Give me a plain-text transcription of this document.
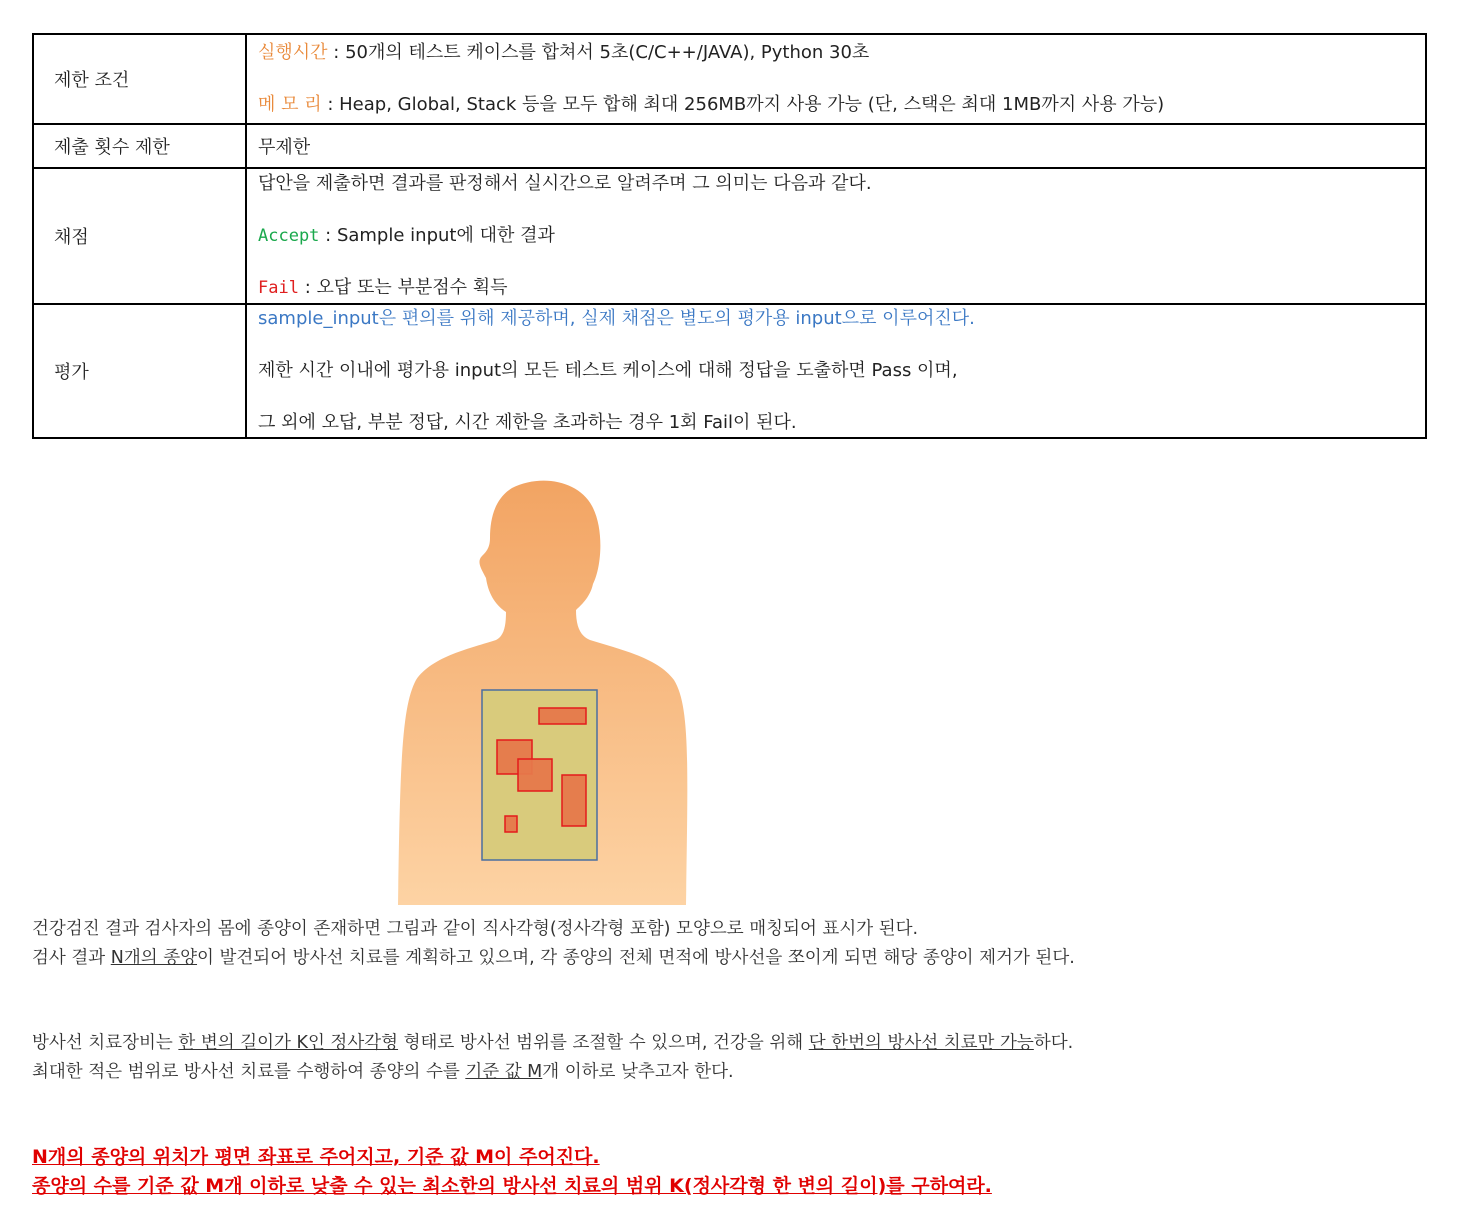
제한 조건	실행시간 : 50개의 테스트 케이스를 합쳐서 5초(C/C++/JAVA), Python 30초
메 모 리 : Heap, Global, Stack 등을 모두 합해 최대 256MB까지 사용 가능 (단, 스택은 최대 1MB까지 사용 가능)

제출 횟수 제한	무제한
채점	답안을 제출하면 결과를 판정해서 실시간으로 알려주며 그 의미는 다음과 같다.
Accept : Sample input에 대한 결과
Fail : 오답 또는 부분점수 획득

평가	sample_input은 편의를 위해 제공하며, 실제 채점은 별도의 평가용 input으로 이루어진다.
제한 시간 이내에 평가용 input의 모든 테스트 케이스에 대해 정답을 도출하면 Pass 이며,
그 외에 오답, 부분 정답, 시간 제한을 초과하는 경우 1회 Fail이 된다.
건강검진 결과 검사자의 몸에 종양이 존재하면 그림과 같이 직사각형(정사각형 포함) 모양으로 매칭되어 표시가 된다.
검사 결과 N개의 종양이 발견되어 방사선 치료를 계획하고 있으며, 각 종양의 전체 면적에 방사선을 쪼이게 되면 해당 종양이 제거가 된다.
방사선 치료장비는 한 변의 길이가 K인 정사각형 형태로 방사선 범위를 조절할 수 있으며, 건강을 위해 단 한번의 방사선 치료만 가능하다.
최대한 적은 범위로 방사선 치료를 수행하여 종양의 수를 기준 값 M개 이하로 낮추고자 한다.
N개의 종양의 위치가 평면 좌표로 주어지고, 기준 값 M이 주어진다.
종양의 수를 기준 값 M개 이하로 낮출 수 있는 최소한의 방사선 치료의 범위 K(정사각형 한 변의 길이)를 구하여라.
